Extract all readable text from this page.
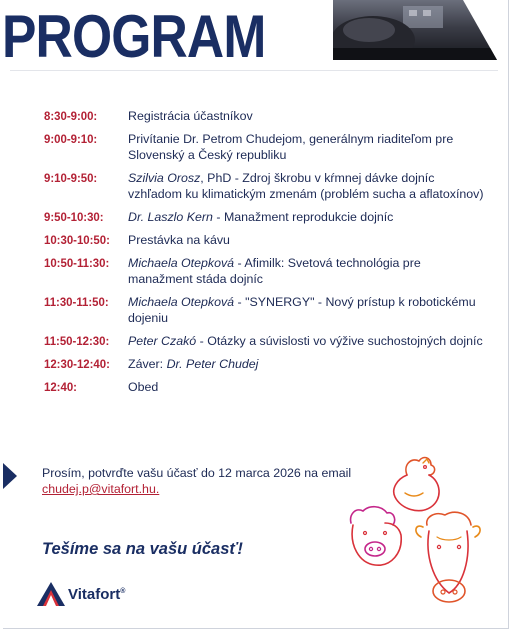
PROGRAM
8:30-9:00:	Registrácia účastníkov
9:00-9:10:	Privítanie Dr. Petrom Chudejom, generálnym riaditeľom pre Slovenský a Český republiku
9:10-9:50:	Szilvia Orosz, PhD - Zdroj škrobu v kŕmnej dávke dojníc vzhľadom ku klimatickým zmenám (problém sucha a aflatoxínov)
9:50-10:30:	Dr. Laszlo Kern - Manažment reprodukcie dojníc
10:30-10:50:	Prestávka na kávu
10:50-11:30:	Michaela Otepková - Afimilk: Svetová technológia pre manažment stáda dojníc
11:30-11:50:	Michaela Otepková - "SYNERGY" - Nový prístup k robotickému dojeniu
11:50-12:30:	Peter Czakó - Otázky a súvislosti vo výžive suchostojných dojníc
12:30-12:40:	Záver: Dr. Peter Chudej
12:40:	Obed
Prosím, potvrďte vašu účasť do 12 marca 2026 na email
chudej.p@vitafort.hu.
Tešíme sa na vašu účasť!
Vitafort®
